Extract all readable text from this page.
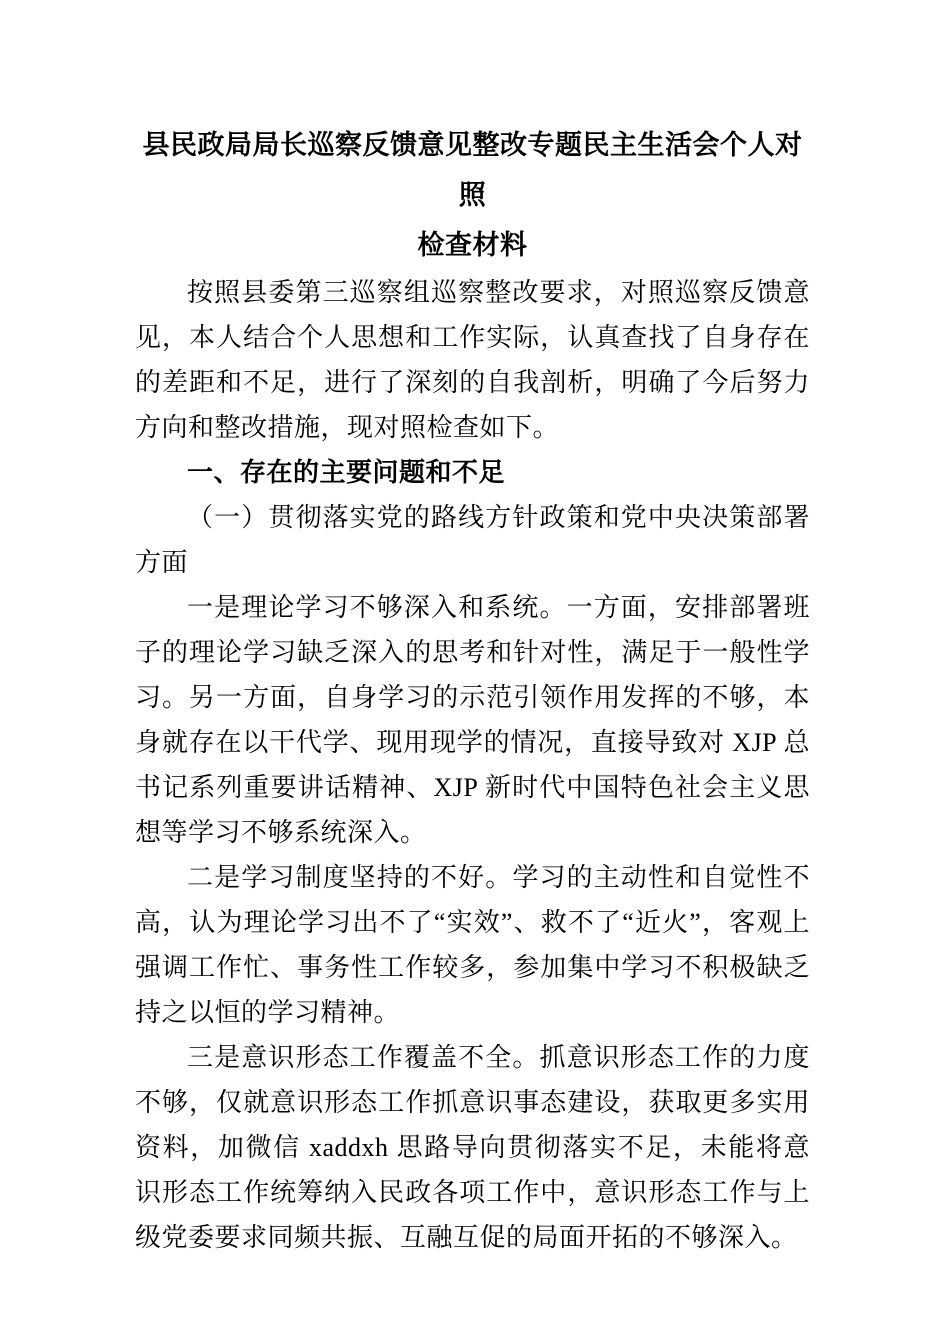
县民政局局长巡察反馈意见整改专题民主生活会个人对照
检查材料

按照县委第三巡察组巡察整改要求，对照巡察反馈意见，本人结合个人思想和工作实际，认真查找了自身存在的差距和不足，进行了深刻的自我剖析，明确了今后努力方向和整改措施，现对照检查如下。

一、存在的主要问题和不足

（一）贯彻落实党的路线方针政策和党中央决策部署方面

一是理论学习不够深入和系统。一方面，安排部署班子的理论学习缺乏深入的思考和针对性，满足于一般性学习。另一方面，自身学习的示范引领作用发挥的不够，本身就存在以干代学、现用现学的情况，直接导致对 XJP 总书记系列重要讲话精神、XJP 新时代中国特色社会主义思想等学习不够系统深入。

二是学习制度坚持的不好。学习的主动性和自觉性不高，认为理论学习出不了“实效”、救不了“近火”，客观上强调工作忙、事务性工作较多，参加集中学习不积极缺乏持之以恒的学习精神。

三是意识形态工作覆盖不全。抓意识形态工作的力度不够，仅就意识形态工作抓意识事态建设，获取更多实用资料，加微信 xaddxh 思路导向贯彻落实不足，未能将意识形态工作统筹纳入民政各项工作中，意识形态工作与上级党委要求同频共振、互融互促的局面开拓的不够深入。
